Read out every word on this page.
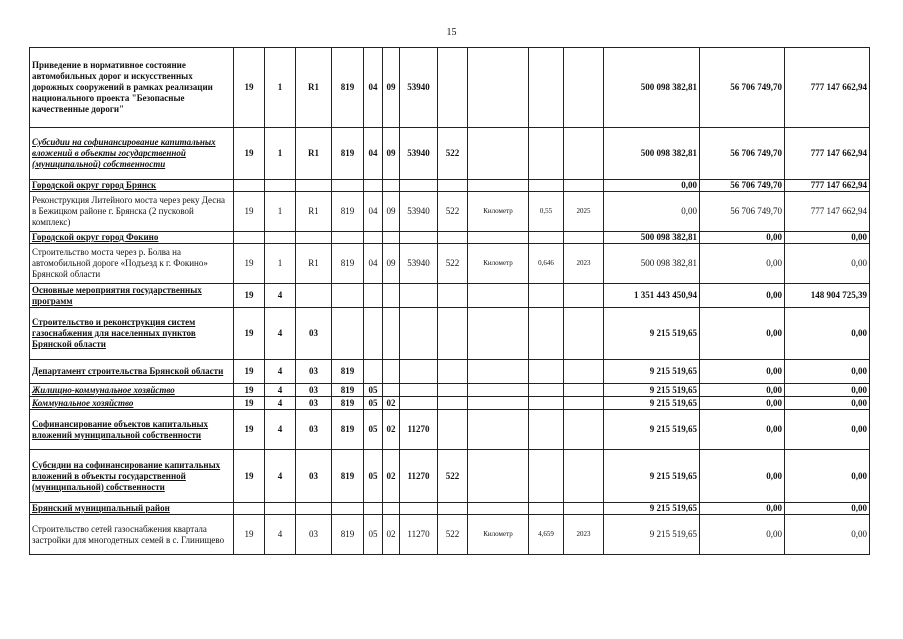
15
Приведение в нормативное состояние автомобильных дорог и искусственных дорожных сооружений в рамках реализации национального проекта "Безопасные качественные дороги"	19	1	R1	819	04	09	53940					500 098 382,81	56 706 749,70	777 147 662,94
Субсидии на софинансирование капитальных вложений в объекты государственной (муниципальной) собственности	19	1	R1	819	04	09	53940	522				500 098 382,81	56 706 749,70	777 147 662,94
Городской округ город Брянск												0,00	56 706 749,70	777 147 662,94
Реконструкция Литейного моста через реку Десна в Бежицком районе г. Брянска (2 пусковой комплекс)	19	1	R1	819	04	09	53940	522	Километр	0,55	2025	0,00	56 706 749,70	777 147 662,94
Городской округ город Фокино												500 098 382,81	0,00	0,00
Строительство моста через р. Болва на автомобильной дороге «Подъезд к г. Фокино» Брянской области	19	1	R1	819	04	09	53940	522	Километр	0,646	2023	500 098 382,81	0,00	0,00
Основные мероприятия государственных программ	19	4										1 351 443 450,94	0,00	148 904 725,39
Строительство и реконструкция систем газоснабжения для населенных пунктов Брянской области	19	4	03									9 215 519,65	0,00	0,00
Департамент строительства Брянской области	19	4	03	819								9 215 519,65	0,00	0,00
Жилищно-коммунальное хозяйство	19	4	03	819	05							9 215 519,65	0,00	0,00
Коммунальное хозяйство	19	4	03	819	05	02						9 215 519,65	0,00	0,00
Софинансирование объектов капитальных вложений муниципальной собственности	19	4	03	819	05	02	11270					9 215 519,65	0,00	0,00
Субсидии на софинансирование капитальных вложений в объекты государственной (муниципальной) собственности	19	4	03	819	05	02	11270	522				9 215 519,65	0,00	0,00
Брянский муниципальный район												9 215 519,65	0,00	0,00
Строительство сетей газоснабжения квартала застройки для многодетных семей в с. Глинищево	19	4	03	819	05	02	11270	522	Километр	4,659	2023	9 215 519,65	0,00	0,00
